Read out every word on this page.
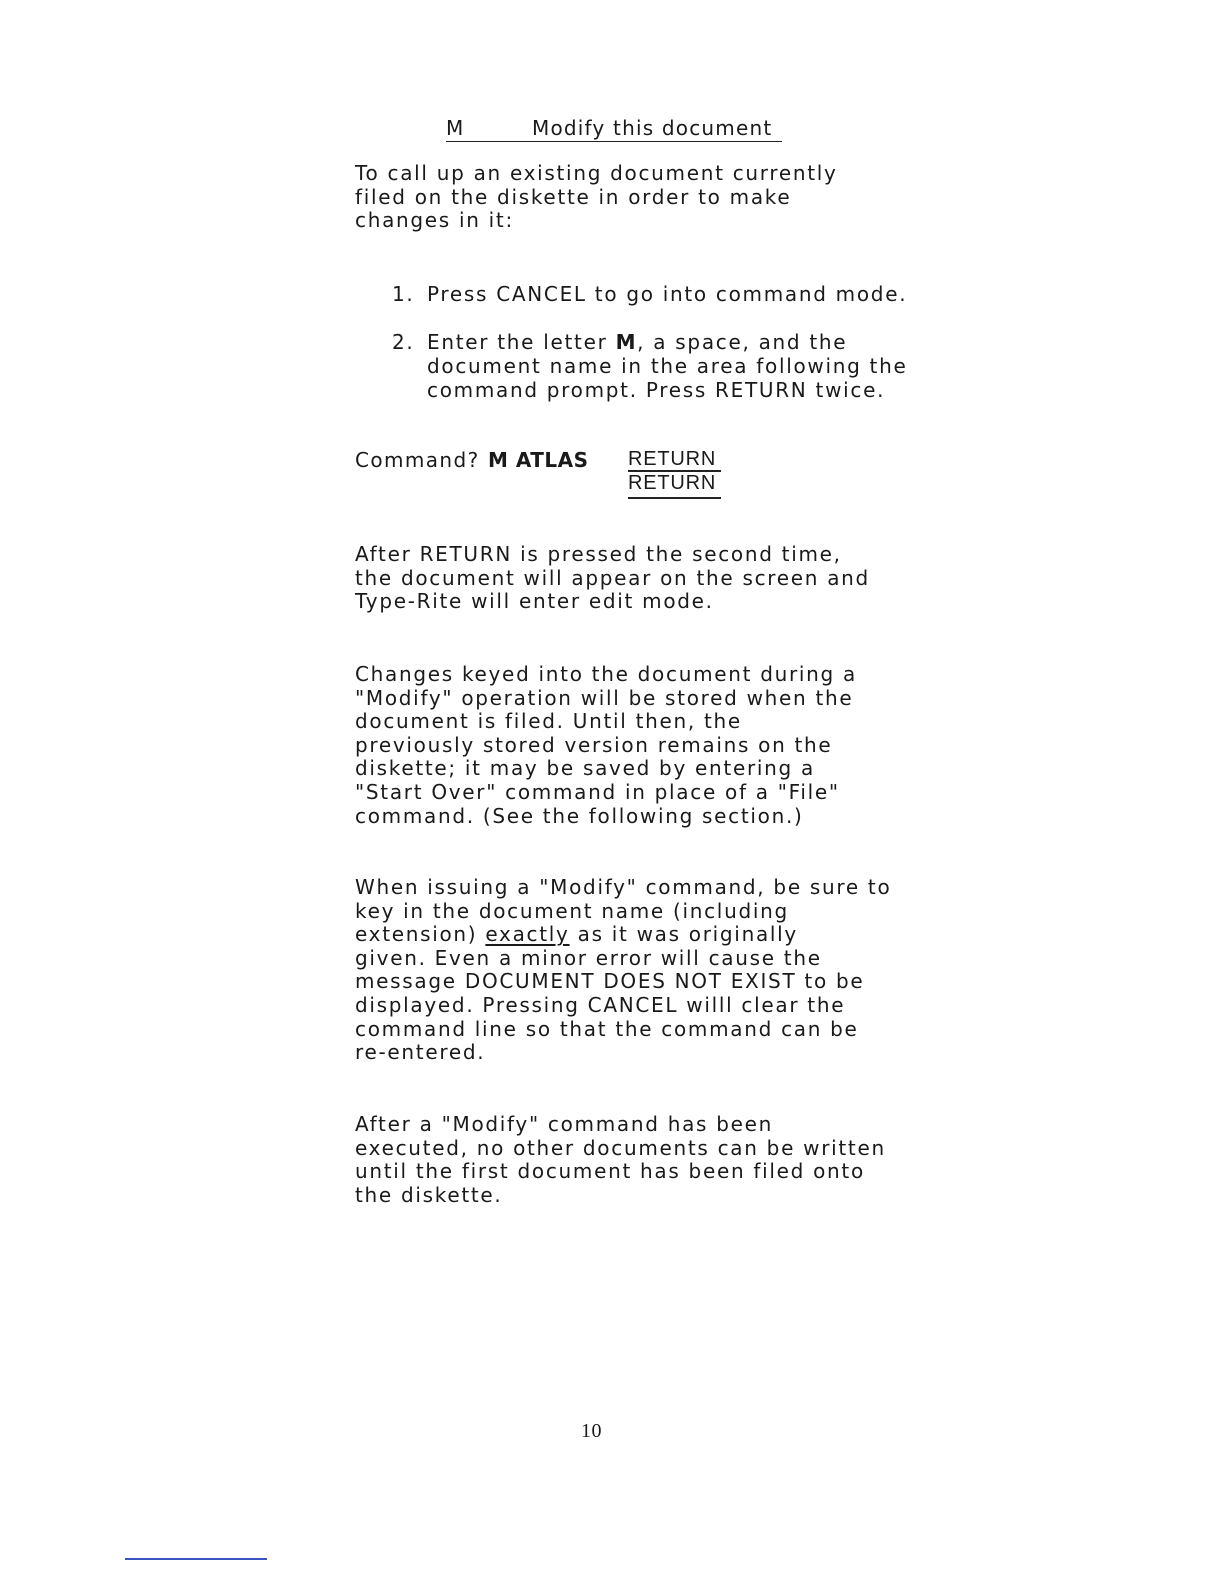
M	Modify this document
To call up an existing document currently
filed on the diskette in order to make
changes in it:
1. Press CANCEL to go into command mode.
2. Enter the letter M, a space, and the
document name in the area following the
command prompt. Press RETURN twice.
Command? M ATLAS RETURN
RETURN
After RETURN is pressed the second time,
the document will appear on the screen and
Type-Rite will enter edit mode.
Changes keyed into the document during a
"Modify" operation will be stored when the
document is filed. Until then, the
previously stored version remains on the
diskette; it may be saved by entering a
"Start Over" command in place of a "File"
command. (See the following section.)
When issuing a "Modify" command, be sure to
key in the document name (including
extension) exactly as it was originally
given. Even a minor error will cause the
message DOCUMENT DOES NOT EXIST to be
displayed. Pressing CANCEL willl clear the
command line so that the command can be
re-entered.
After a "Modify" command has been
executed, no other documents can be written
until the first document has been filed onto
the diskette.
10
